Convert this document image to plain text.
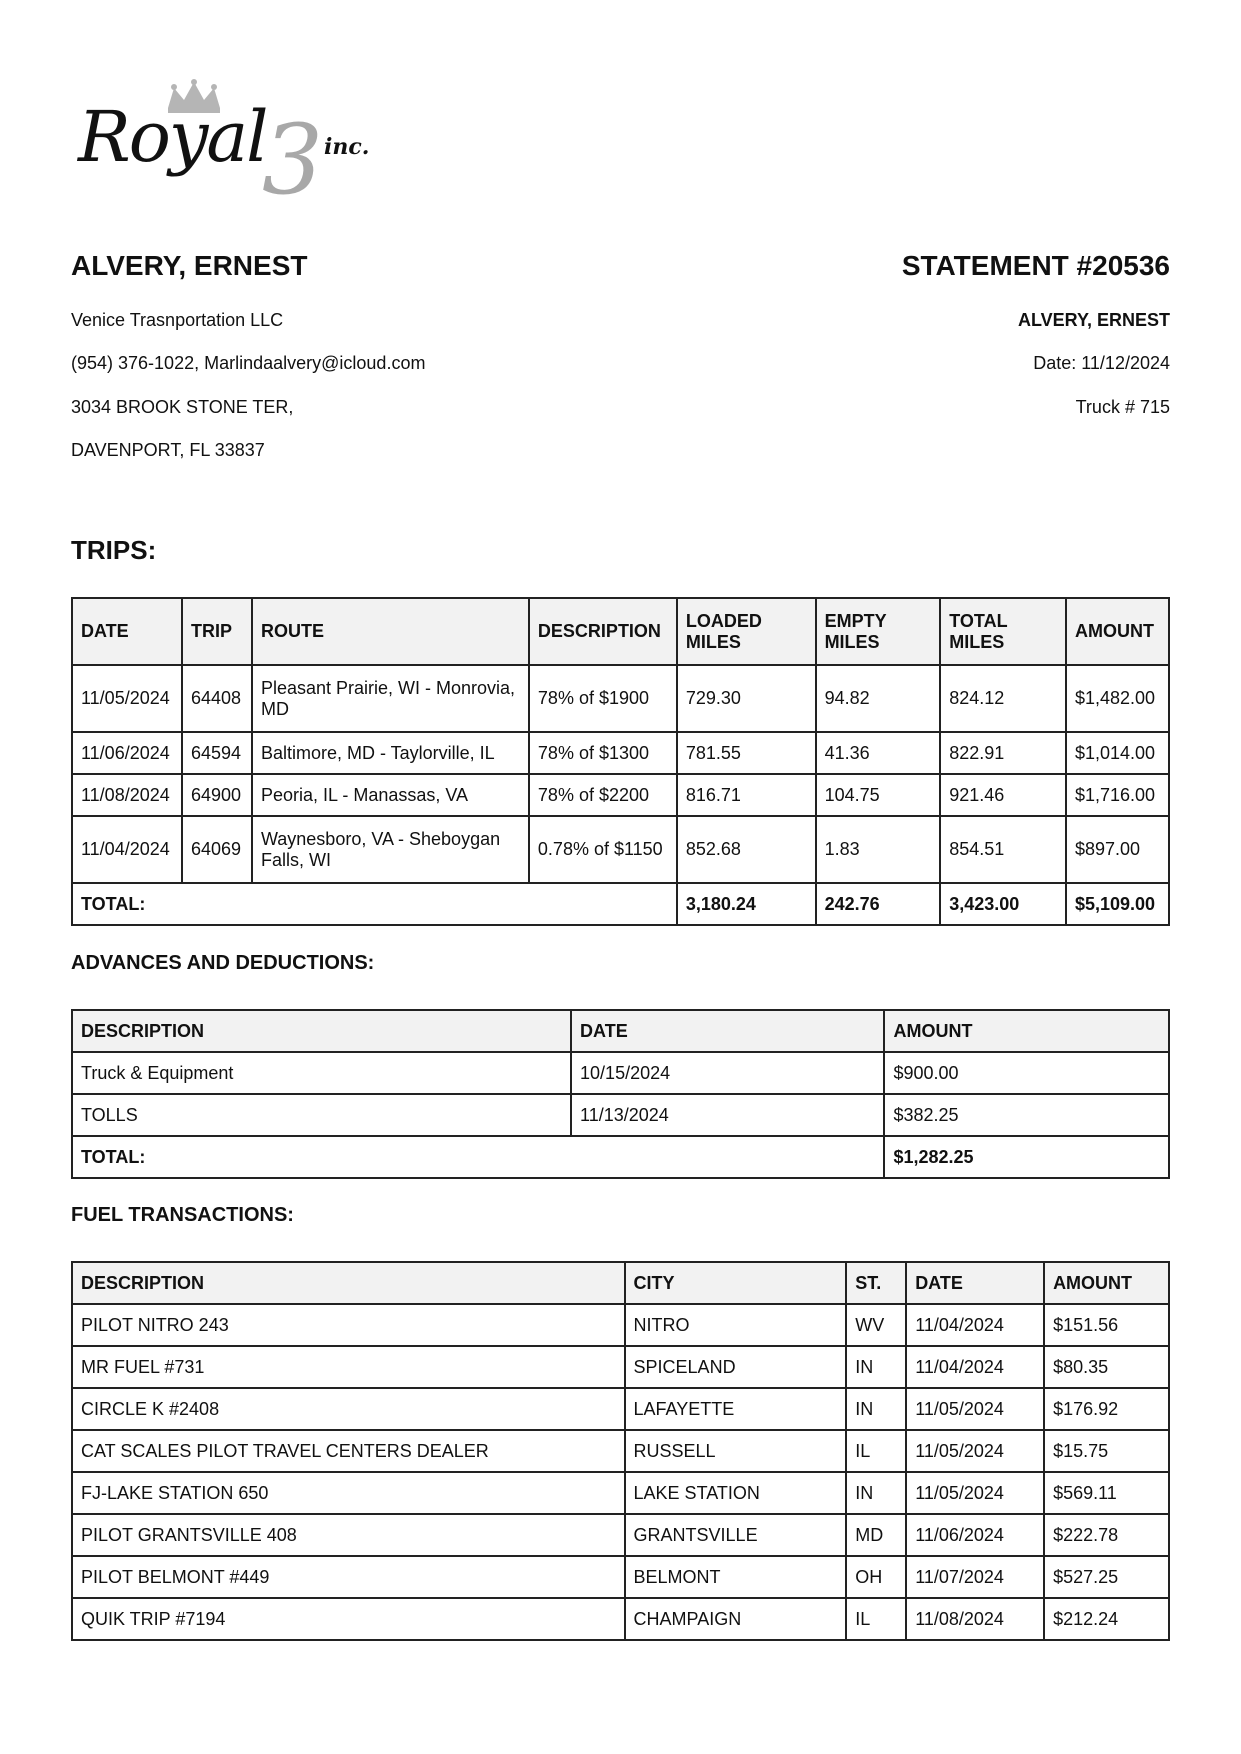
Royal
3 inc.
ALVERY, ERNEST	STATEMENT #20536
Venice Trasnportation LLC
(954) 376-1022, Marlindaalvery@icloud.com
3034 BROOK STONE TER,
DAVENPORT, FL 33837
ALVERY, ERNEST
Date: 11/12/2024
Truck # 715
TRIPS:
DATE	TRIP	ROUTE	DESCRIPTION	LOADED MILES	EMPTY MILES	TOTAL MILES	AMOUNT
11/05/2024	64408	Pleasant Prairie, WI - Monrovia, MD	78% of $1900	729.30	94.82	824.12	$1,482.00
11/06/2024	64594	Baltimore, MD - Taylorville, IL	78% of $1300	781.55	41.36	822.91	$1,014.00
11/08/2024	64900	Peoria, IL - Manassas, VA	78% of $2200	816.71	104.75	921.46	$1,716.00
11/04/2024	64069	Waynesboro, VA - Sheboygan Falls, WI	0.78% of $1150	852.68	1.83	854.51	$897.00
TOTAL:				3,180.24	242.76	3,423.00	$5,109.00
ADVANCES AND DEDUCTIONS:
DESCRIPTION	DATE	AMOUNT
Truck & Equipment	10/15/2024	$900.00
TOLLS	11/13/2024	$382.25
TOTAL:		$1,282.25
FUEL TRANSACTIONS:
DESCRIPTION	CITY	ST.	DATE	AMOUNT
PILOT NITRO 243	NITRO	WV	11/04/2024	$151.56
MR FUEL #731	SPICELAND	IN	11/04/2024	$80.35
CIRCLE K #2408	LAFAYETTE	IN	11/05/2024	$176.92
CAT SCALES PILOT TRAVEL CENTERS DEALER	RUSSELL	IL	11/05/2024	$15.75
FJ-LAKE STATION 650	LAKE STATION	IN	11/05/2024	$569.11
PILOT GRANTSVILLE 408	GRANTSVILLE	MD	11/06/2024	$222.78
PILOT BELMONT #449	BELMONT	OH	11/07/2024	$527.25
QUIK TRIP #7194	CHAMPAIGN	IL	11/08/2024	$212.24
